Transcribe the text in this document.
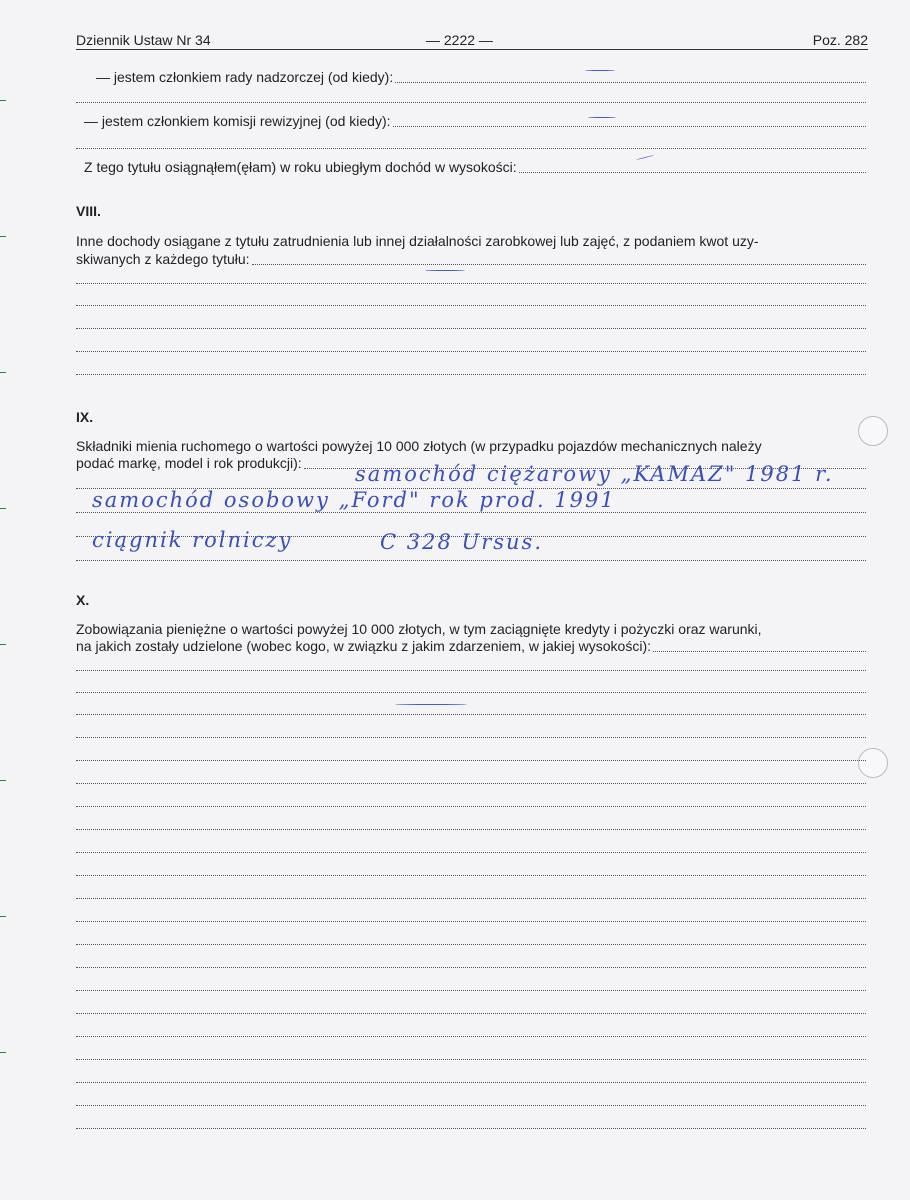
Dziennik Ustaw Nr 34	— 2222 —	Poz. 282
— jestem członkiem rady nadzorczej (od kiedy):
— jestem członkiem komisji rewizyjnej (od kiedy):
Z tego tytułu osiągnąłem(ęłam) w roku ubiegłym dochód w wysokości:
VIII.
Inne dochody osiągane z tytułu zatrudnienia lub innej działalności zarobkowej lub zajęć, z podaniem kwot uzy-
skiwanych z każdego tytułu:
IX.
Składniki mienia ruchomego o wartości powyżej 10 000 złotych (w przypadku pojazdów mechanicznych należy
podać markę, model i rok produkcji):	samochód ciężarowy „KAMAZ" 1981 r.
samochód osobowy „Ford" rok prod. 1991
ciągnik rolniczy	C 328 Ursus.
X.
Zobowiązania pieniężne o wartości powyżej 10 000 złotych, w tym zaciągnięte kredyty i pożyczki oraz warunki,
na jakich zostały udzielone (wobec kogo, w związku z jakim zdarzeniem, w jakiej wysokości):
